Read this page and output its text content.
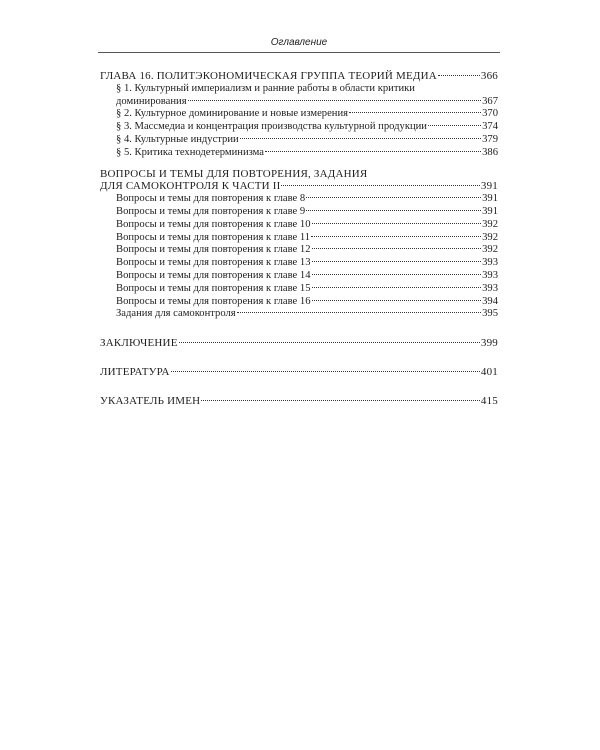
Оглавление
ГЛАВА 16. ПОЛИТЭКОНОМИЧЕСКАЯ ГРУППА ТЕОРИЙ МЕДИА	366
§ 1. Культурный империализм и ранние работы в области критики
доминирования	367
§ 2. Культурное доминирование и новые измерения	370
§ 3. Массмедиа и концентрация производства культурной продукции	374
§ 4. Культурные индустрии	379
§ 5. Критика технодетерминизма	386
ВОПРОСЫ И ТЕМЫ ДЛЯ ПОВТОРЕНИЯ, ЗАДАНИЯ
ДЛЯ САМОКОНТРОЛЯ К ЧАСТИ II	391
Вопросы и темы для повторения к главе 8	391
Вопросы и темы для повторения к главе 9	391
Вопросы и темы для повторения к главе 10	392
Вопросы и темы для повторения к главе 11	392
Вопросы и темы для повторения к главе 12	392
Вопросы и темы для повторения к главе 13	393
Вопросы и темы для повторения к главе 14	393
Вопросы и темы для повторения к главе 15	393
Вопросы и темы для повторения к главе 16	394
Задания для самоконтроля	395
ЗАКЛЮЧЕНИЕ	399
ЛИТЕРАТУРА	401
УКАЗАТЕЛЬ ИМЕН	415
